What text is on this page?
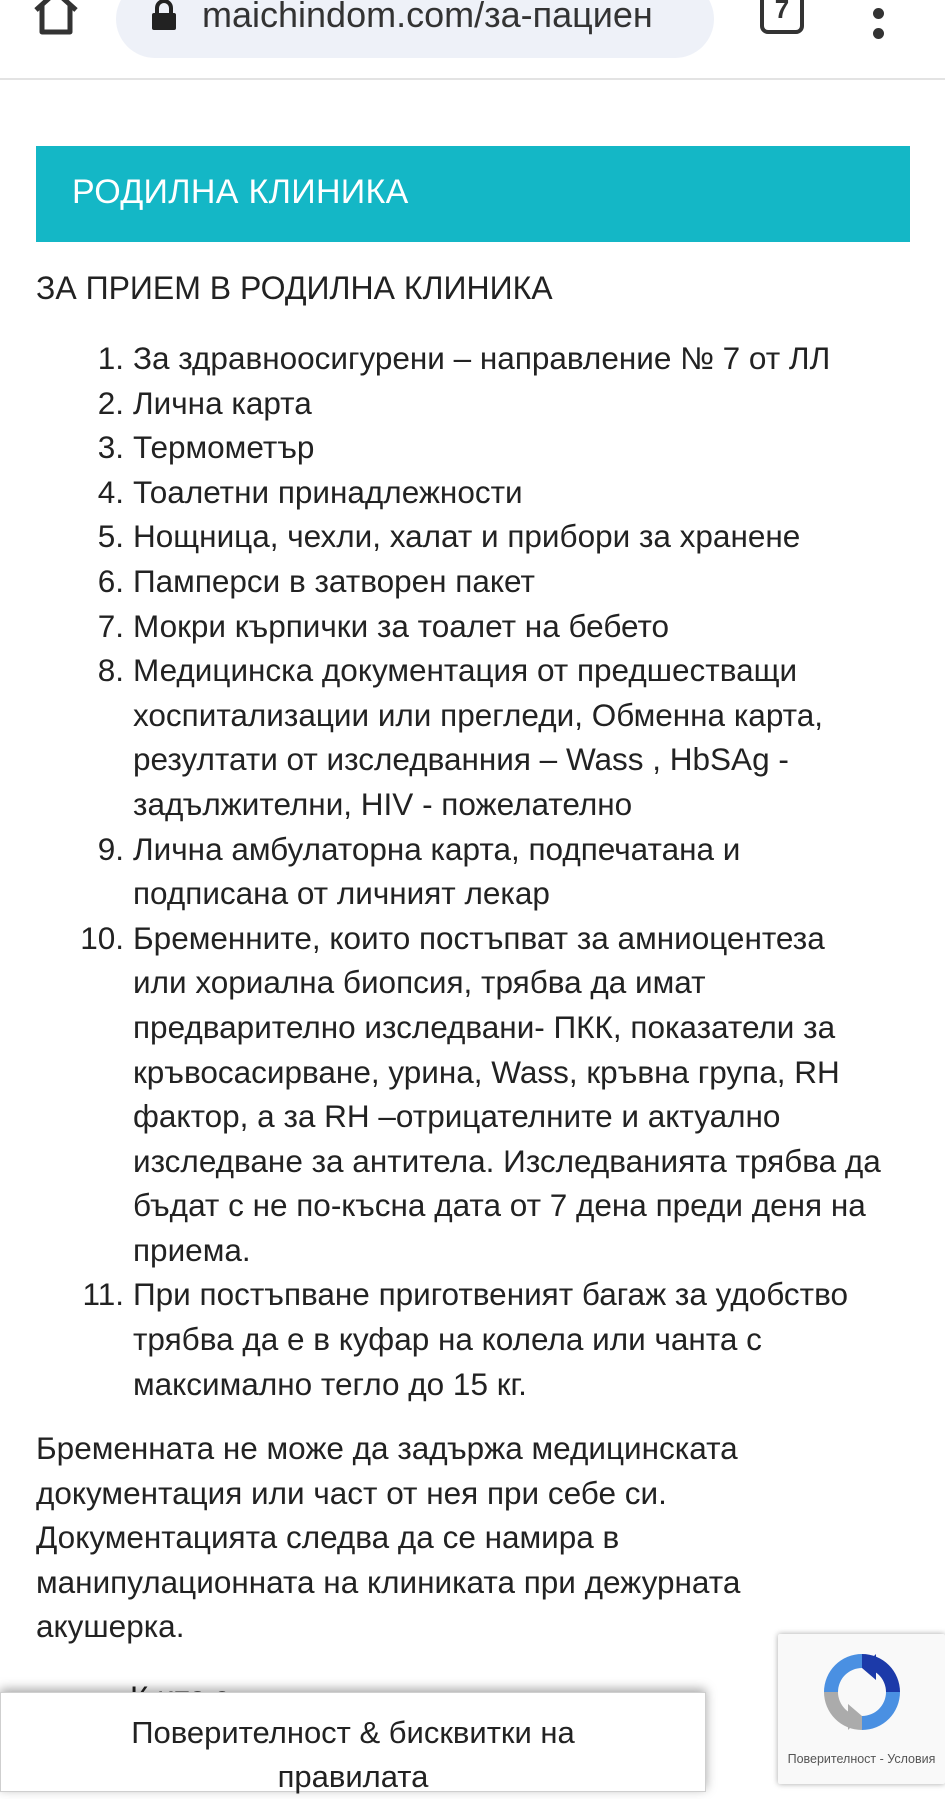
maichindom.com/за-пациен	7
РОДИЛНА КЛИНИКА
ЗА ПРИЕМ В РОДИЛНА КЛИНИКА
1. За здравноосигурени – направление № 7 от ЛЛ
2. Лична карта
3. Термометър
4. Тоалетни принадлежности
5. Нощница, чехли, халат и прибори за хранене
6. Памперси в затворен пакет
7. Мокри кърпички за тоалет на бебето
8. Медицинска документация от предшестващи
хоспитализации или прегледи, Обменна карта,
резултати от изследванния – Wass , HbSAg -
задължителни, HIV - пожелателно
9. Лична амбулаторна карта, подпечатана и
подписана от личният лекар
10. Бременните, които постъпват за амниоцентеза
или хориална биопсия, трябва да имат
предварително изследвани- ПКК, показатели за
кръвосасирване, урина, Wass, кръвна група, RH
фактор, а за RH –отрицателните и актуално
изследване за антитела. Изследванията трябва да
бъдат с не по-късна дата от 7 дена преди деня на
приема.
11. При постъпване приготвеният багаж за удобство
трябва да е в куфар на колела или чанта с
максимално тегло до 15 кг.
Бременната не може да задържа медицинската
документация или част от нея при себе си.
Документацията следва да се намира в
манипулационната на клиниката при дежурната
акушерка.
Поверителност & бисквитки на
правилата	Поверителност - Условия
